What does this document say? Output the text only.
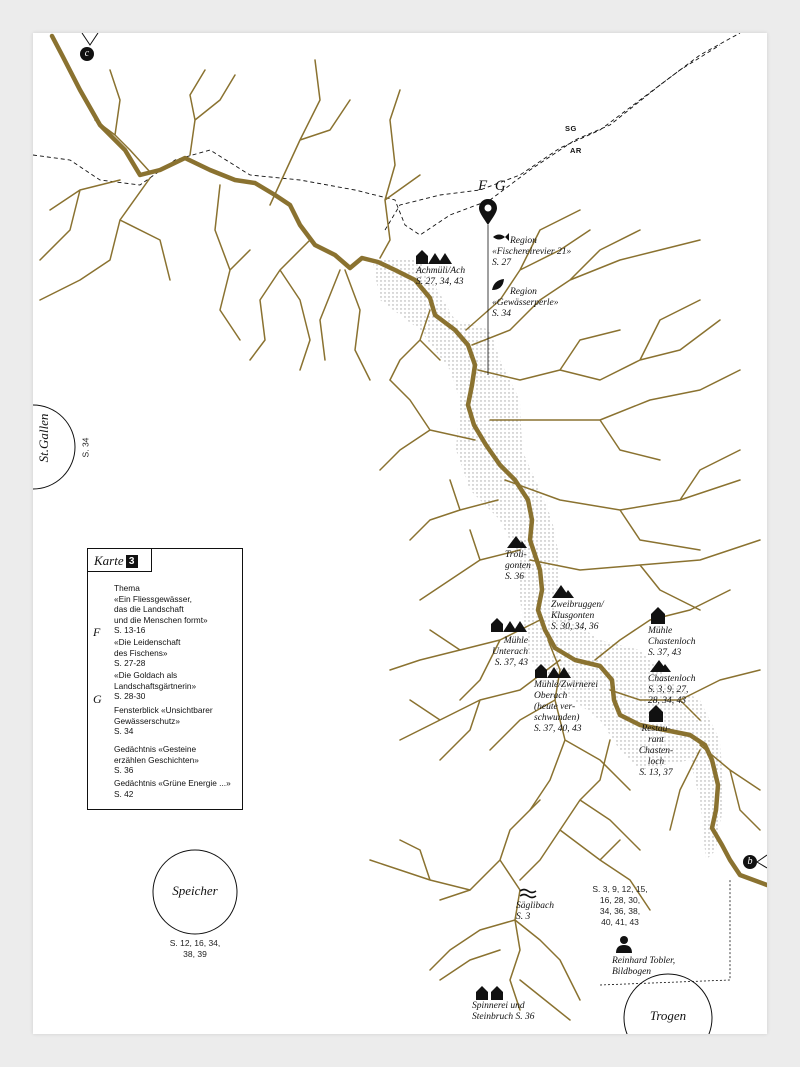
c
b
SG
AR
F G
Achmüli/Ach
S. 27, 34, 43
Region
«Fischereirevier 21»
S. 27
Region
«Gewässerperle»
S. 34
Tröli-
gonten
S. 36
Zweibruggen/
Klusgonten
S. 30, 34, 36
Mühle
Unterach
S. 37, 43
Mühle
Chastenloch
S. 37, 43
Chastenloch
S. 3, 9, 27,
28, 34, 43
Mühle/Zwirnerei
Oberach
(heute ver-
schwunden)
S. 37, 40, 43	Restau-
rant
Chasten-
loch
S. 13, 37
Säglibach
S. 3
S. 3, 9, 12, 15,
16, 28, 30,
34, 36, 38,
40, 41, 43
Reinhard Tobler,
Bildbogen
Spinnerei und
Steinbruch S. 36
St.Gallen	S. 34
Speicher
S. 12, 16, 34,
38, 39
Trogen
Karte 3
Thema
«Ein Fliessgewässer,
das die Landschaft
und die Menschen formt»
S. 13-16
F
«Die Leidenschaft
des Fischens»
S. 27-28
«Die Goldach als
Landschaftsgärtnerin»
S. 28-30
G
Fensterblick «Unsichtbarer
Gewässerschutz»
S. 34
Gedächtnis «Gesteine
erzählen Geschichten»
S. 36
Gedächtnis «Grüne Energie ...»
S. 42
